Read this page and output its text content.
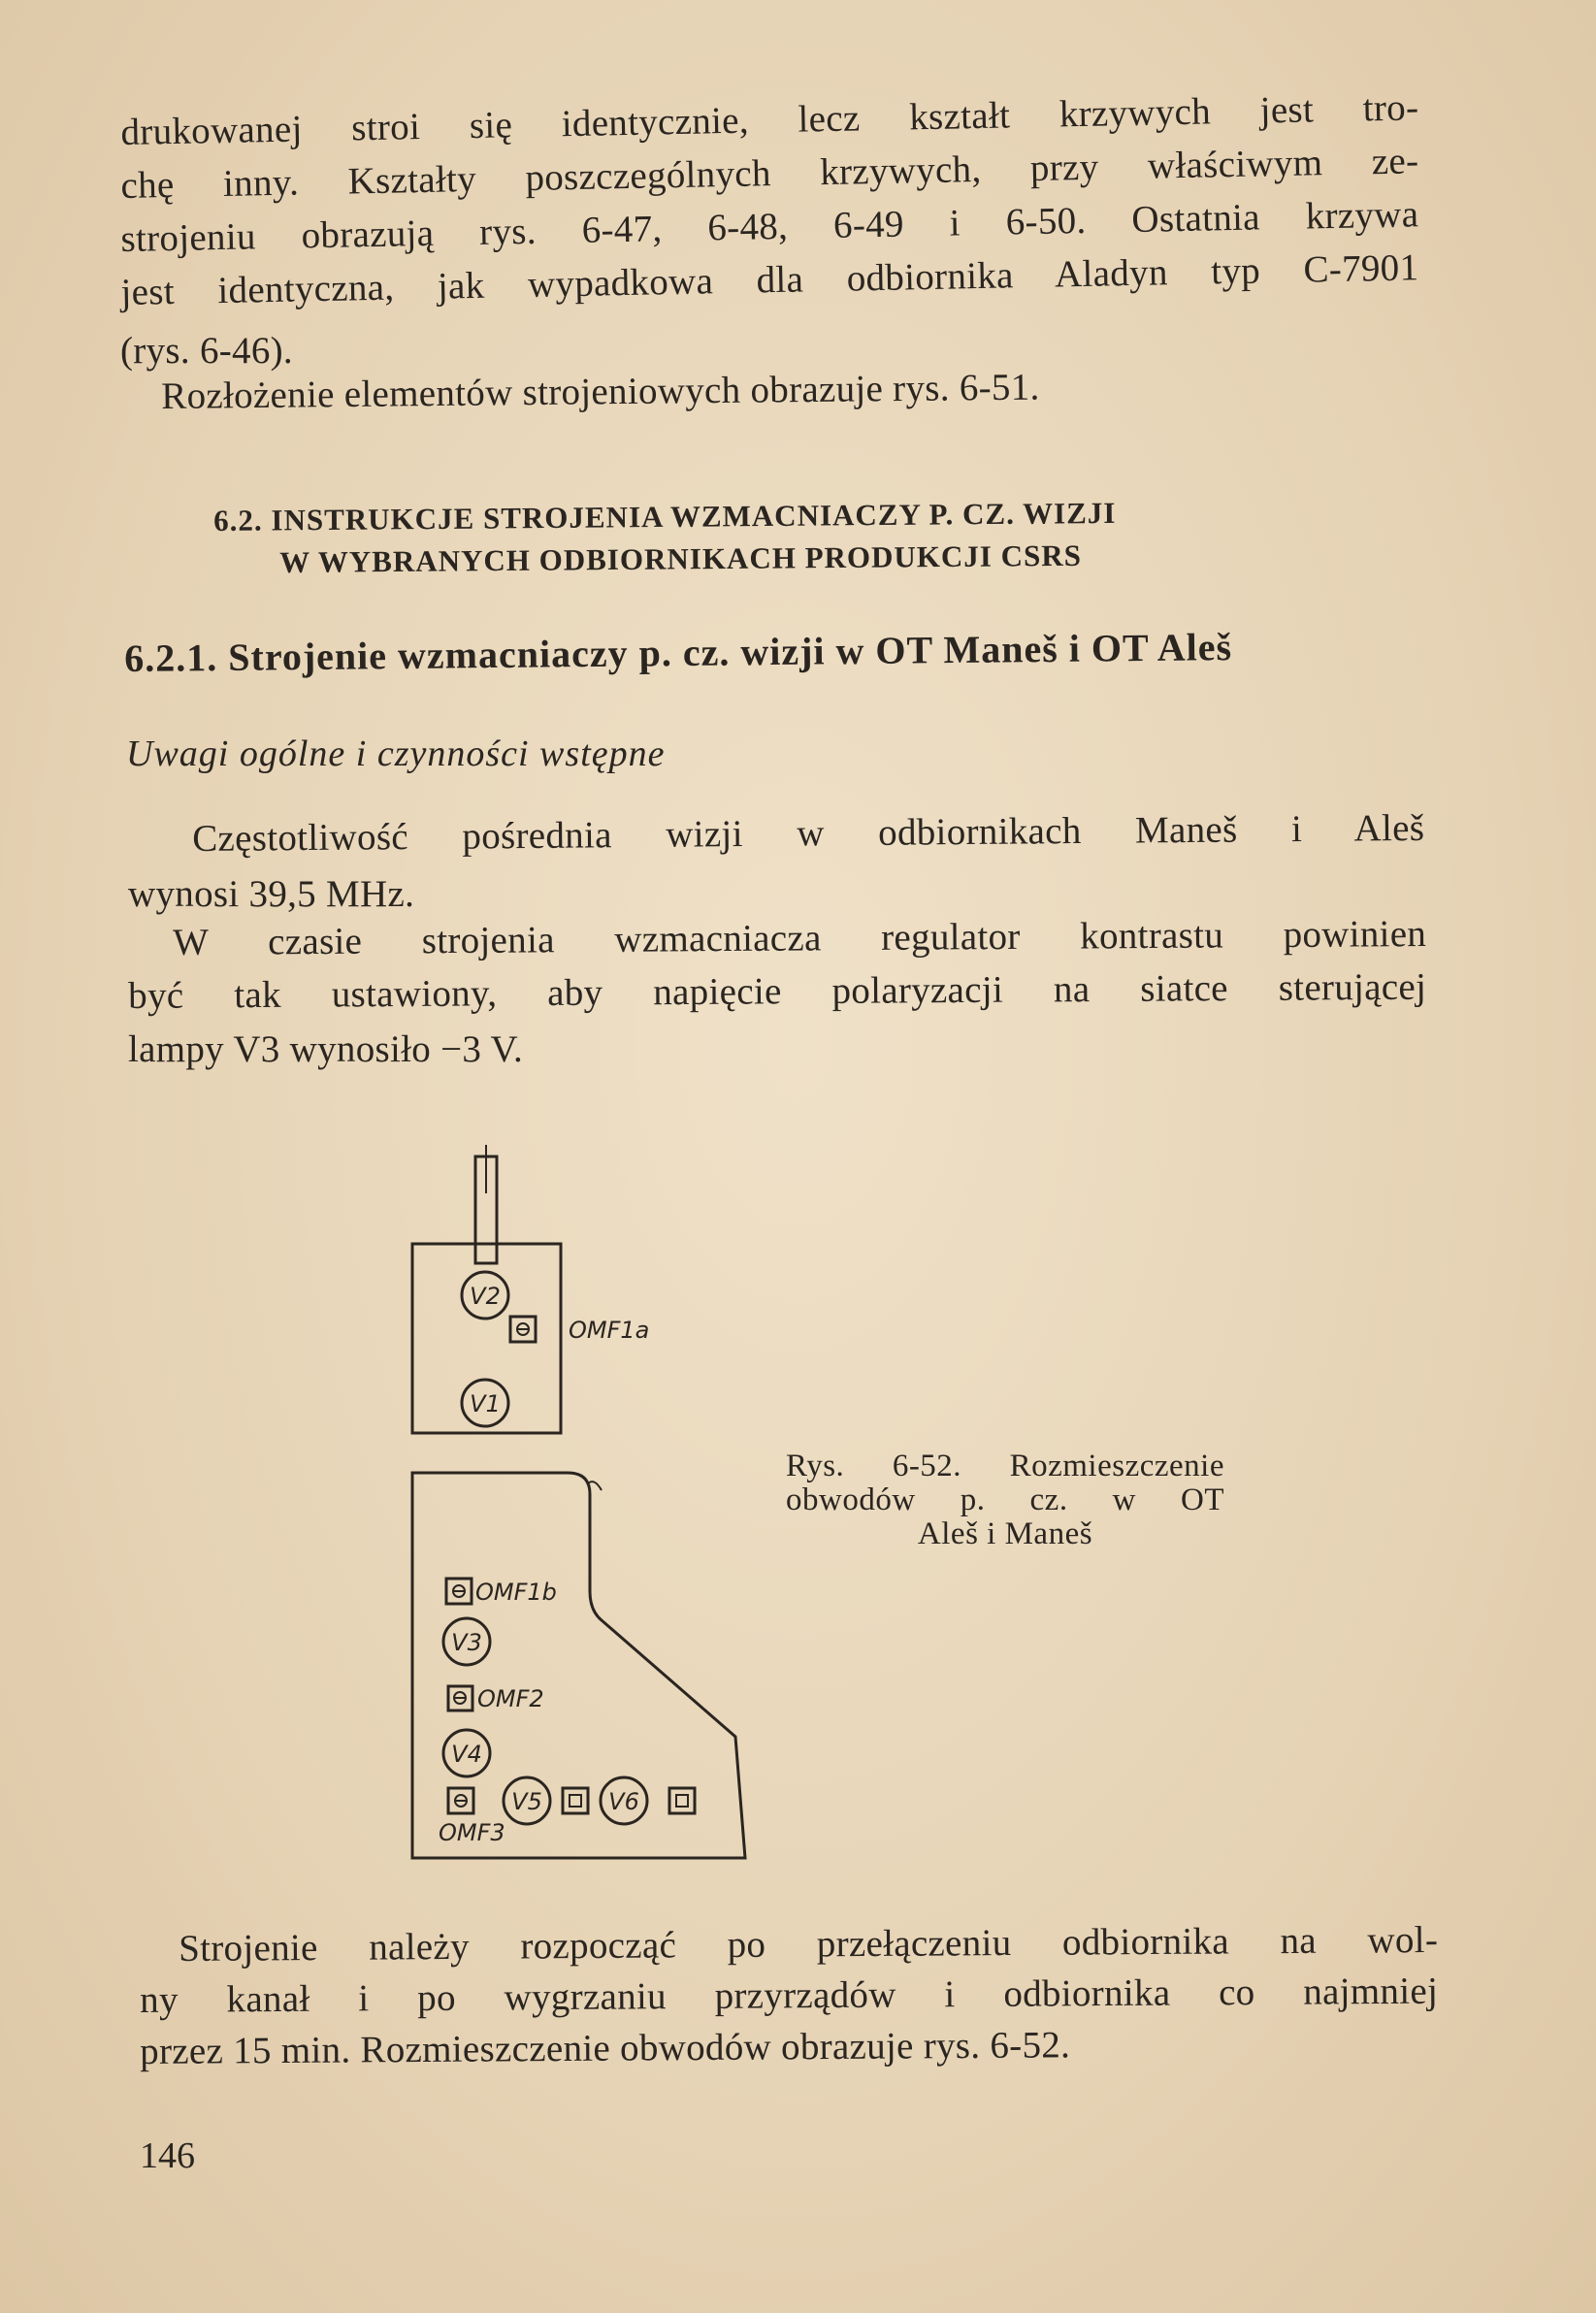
drukowanej stroi się identycznie, lecz kształt krzywych jest tro-

chę inny. Kształty poszczególnych krzywych, przy właściwym ze-

strojeniu obrazują rys. 6-47, 6-48, 6-49 i 6-50. Ostatnia krzywa

jest identyczna, jak wypadkowa dla odbiornika Aladyn typ C-7901

(rys. 6-46).

Rozłożenie elementów strojeniowych obrazuje rys. 6-51.

6.2. INSTRUKCJE STROJENIA WZMACNIACZY P. CZ. WIZJI

W WYBRANYCH ODBIORNIKACH PRODUKCJI CSRS

6.2.1. Strojenie wzmacniaczy p. cz. wizji w OT Maneš i OT Aleš

Uwagi ogólne i czynności wstępne

Częstotliwość pośrednia wizji w odbiornikach Maneš i Aleš

wynosi 39,5 MHz.

W czasie strojenia wzmacniacza regulator kontrastu powinien

być tak ustawiony, aby napięcie polaryzacji na siatce sterującej

lampy V3 wynosiło −3 V.

V2
V1
V3
V4
V5	V6
OMF1a
OMF1b
OMF2
OMF3

Rys. 6-52. Rozmieszczenie

obwodów p. cz. w OT

Aleš i Maneš

Strojenie należy rozpocząć po przełączeniu odbiornika na wol-

ny kanał i po wygrzaniu przyrządów i odbiornika co najmniej

przez 15 min. Rozmieszczenie obwodów obrazuje rys. 6-52.

146
